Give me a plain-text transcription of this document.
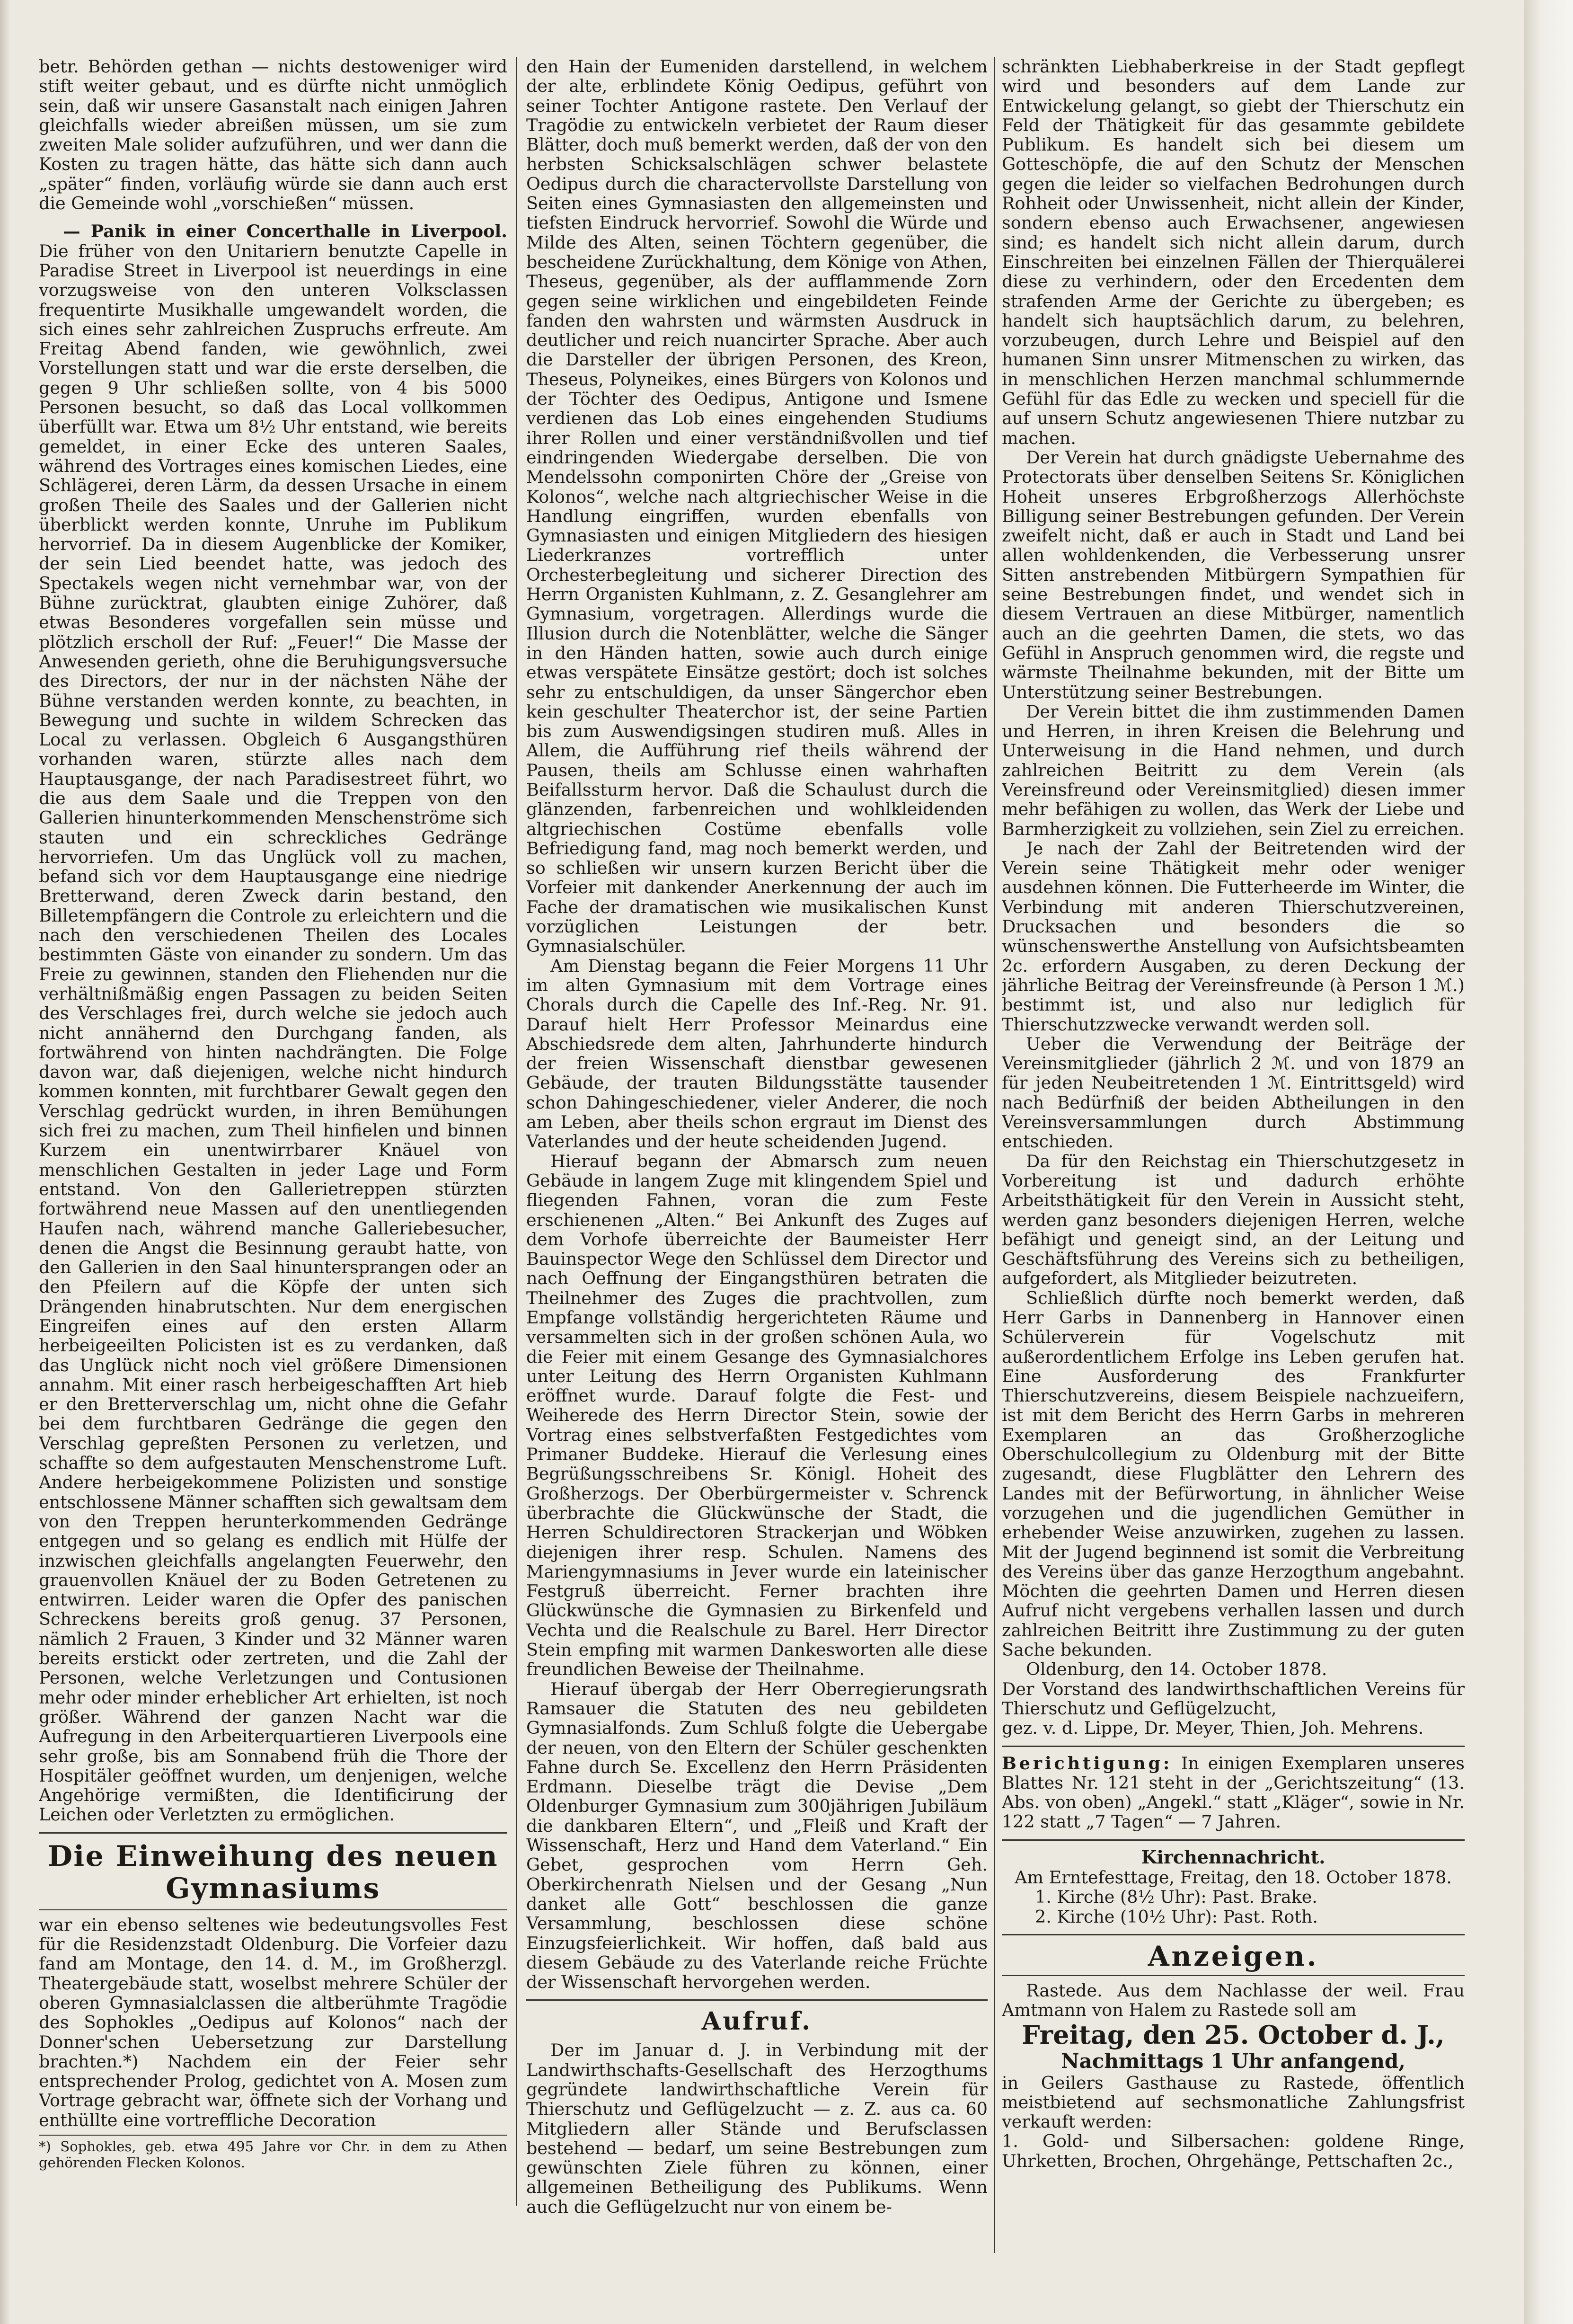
betr. Behörden gethan — nichts destoweniger wird stift weiter gebaut, und es dürfte nicht unmöglich sein, daß wir unsere Gasanstalt nach einigen Jahren gleichfalls wieder abreißen müssen, um sie zum zweiten Male solider aufzuführen, und wer dann die Kosten zu tragen hätte, das hätte sich dann auch „später“ finden, vorläufig würde sie dann auch erst die Gemeinde wohl „vorschießen“ müssen.

— Panik in einer Concerthalle in Liverpool. Die früher von den Unitariern benutzte Capelle in Paradise Street in Liverpool ist neuerdings in eine vorzugsweise von den unteren Volksclassen frequentirte Musikhalle umgewandelt worden, die sich eines sehr zahlreichen Zuspruchs erfreute. Am Freitag Abend fanden, wie gewöhnlich, zwei Vorstellungen statt und war die erste derselben, die gegen 9 Uhr schließen sollte, von 4 bis 5000 Personen besucht, so daß das Local vollkommen überfüllt war. Etwa um 8½ Uhr entstand, wie bereits gemeldet, in einer Ecke des unteren Saales, während des Vortrages eines komischen Liedes, eine Schlägerei, deren Lärm, da dessen Ursache in einem großen Theile des Saales und der Gallerien nicht überblickt werden konnte, Unruhe im Publikum hervorrief. Da in diesem Augenblicke der Komiker, der sein Lied beendet hatte, was jedoch des Spectakels wegen nicht vernehmbar war, von der Bühne zurücktrat, glaubten einige Zuhörer, daß etwas Besonderes vorgefallen sein müsse und plötzlich erscholl der Ruf: „Feuer!“ Die Masse der Anwesenden gerieth, ohne die Beruhigungsversuche des Directors, der nur in der nächsten Nähe der Bühne verstanden werden konnte, zu beachten, in Bewegung und suchte in wildem Schrecken das Local zu verlassen. Obgleich 6 Ausgangsthüren vorhanden waren, stürzte alles nach dem Hauptausgange, der nach Paradisestreet führt, wo die aus dem Saale und die Treppen von den Gallerien hinunterkommenden Menschenströme sich stauten und ein schreckliches Gedränge hervorriefen. Um das Unglück voll zu machen, befand sich vor dem Hauptausgange eine niedrige Bretterwand, deren Zweck darin bestand, den Billetempfängern die Controle zu erleichtern und die nach den verschiedenen Theilen des Locales bestimmten Gäste von einander zu sondern. Um das Freie zu gewinnen, standen den Fliehenden nur die verhältnißmäßig engen Passagen zu beiden Seiten des Verschlages frei, durch welche sie jedoch auch nicht annähernd den Durchgang fanden, als fortwährend von hinten nachdrängten. Die Folge davon war, daß diejenigen, welche nicht hindurch kommen konnten, mit furchtbarer Gewalt gegen den Verschlag gedrückt wurden, in ihren Bemühungen sich frei zu machen, zum Theil hinfielen und binnen Kurzem ein unentwirrbarer Knäuel von menschlichen Gestalten in jeder Lage und Form entstand. Von den Gallerietreppen stürzten fortwährend neue Massen auf den unentliegenden Haufen nach, während manche Galleriebesucher, denen die Angst die Besinnung geraubt hatte, von den Gallerien in den Saal hinuntersprangen oder an den Pfeilern auf die Köpfe der unten sich Drängenden hinabrutschten. Nur dem energischen Eingreifen eines auf den ersten Allarm herbeigeeilten Policisten ist es zu verdanken, daß das Unglück nicht noch viel größere Dimensionen annahm. Mit einer rasch herbeigeschafften Art hieb er den Bretterverschlag um, nicht ohne die Gefahr bei dem furchtbaren Gedränge die gegen den Verschlag gepreßten Personen zu verletzen, und schaffte so dem aufgestauten Menschenstrome Luft. Andere herbeigekommene Polizisten und sonstige entschlossene Männer schafften sich gewaltsam dem von den Treppen herunterkommenden Gedränge entgegen und so gelang es endlich mit Hülfe der inzwischen gleichfalls angelangten Feuerwehr, den grauenvollen Knäuel der zu Boden Getretenen zu entwirren. Leider waren die Opfer des panischen Schreckens bereits groß genug. 37 Personen, nämlich 2 Frauen, 3 Kinder und 32 Männer waren bereits erstickt oder zertreten, und die Zahl der Personen, welche Verletzungen und Contusionen mehr oder minder erheblicher Art erhielten, ist noch größer. Während der ganzen Nacht war die Aufregung in den Arbeiterquartieren Liverpools eine sehr große, bis am Sonnabend früh die Thore der Hospitäler geöffnet wurden, um denjenigen, welche Angehörige vermißten, die Identificirung der Leichen oder Verletzten zu ermöglichen.

Die Einweihung des neuen Gymnasiums

war ein ebenso seltenes wie bedeutungsvolles Fest für die Residenzstadt Oldenburg. Die Vorfeier dazu fand am Montage, den 14. d. M., im Großherzgl. Theatergebäude statt, woselbst mehrere Schüler der oberen Gymnasialclassen die altberühmte Tragödie des Sophokles „Oedipus auf Kolonos“ nach der Donner'schen Uebersetzung zur Darstellung brachten.*) Nachdem ein der Feier sehr entsprechender Prolog, gedichtet von A. Mosen zum Vortrage gebracht war, öffnete sich der Vorhang und enthüllte eine vortreffliche Decoration

*) Sophokles, geb. etwa 495 Jahre vor Chr. in dem zu Athen gehörenden Flecken Kolonos.

den Hain der Eumeniden darstellend, in welchem der alte, erblindete König Oedipus, geführt von seiner Tochter Antigone rastete. Den Verlauf der Tragödie zu entwickeln verbietet der Raum dieser Blätter, doch muß bemerkt werden, daß der von den herbsten Schicksalschlägen schwer belastete Oedipus durch die charactervollste Darstellung von Seiten eines Gymnasiasten den allgemeinsten und tiefsten Eindruck hervorrief. Sowohl die Würde und Milde des Alten, seinen Töchtern gegenüber, die bescheidene Zurückhaltung, dem Könige von Athen, Theseus, gegenüber, als der aufflammende Zorn gegen seine wirklichen und eingebildeten Feinde fanden den wahrsten und wärmsten Ausdruck in deutlicher und reich nuancirter Sprache. Aber auch die Darsteller der übrigen Personen, des Kreon, Theseus, Polyneikes, eines Bürgers von Kolonos und der Töchter des Oedipus, Antigone und Ismene verdienen das Lob eines eingehenden Studiums ihrer Rollen und einer verständnißvollen und tief eindringenden Wiedergabe derselben. Die von Mendelssohn componirten Chöre der „Greise von Kolonos“, welche nach altgriechischer Weise in die Handlung eingriffen, wurden ebenfalls von Gymnasiasten und einigen Mitgliedern des hiesigen Liederkranzes vortrefflich unter Orchesterbegleitung und sicherer Direction des Herrn Organisten Kuhlmann, z. Z. Gesanglehrer am Gymnasium, vorgetragen. Allerdings wurde die Illusion durch die Notenblätter, welche die Sänger in den Händen hatten, sowie auch durch einige etwas verspätete Einsätze gestört; doch ist solches sehr zu entschuldigen, da unser Sängerchor eben kein geschulter Theaterchor ist, der seine Partien bis zum Auswendigsingen studiren muß. Alles in Allem, die Aufführung rief theils während der Pausen, theils am Schlusse einen wahrhaften Beifallssturm hervor. Daß die Schaulust durch die glänzenden, farbenreichen und wohlkleidenden altgriechischen Costüme ebenfalls volle Befriedigung fand, mag noch bemerkt werden, und so schließen wir unsern kurzen Bericht über die Vorfeier mit dankender Anerkennung der auch im Fache der dramatischen wie musikalischen Kunst vorzüglichen Leistungen der betr. Gymnasialschüler.

Am Dienstag begann die Feier Morgens 11 Uhr im alten Gymnasium mit dem Vortrage eines Chorals durch die Capelle des Inf.-Reg. Nr. 91. Darauf hielt Herr Professor Meinardus eine Abschiedsrede dem alten, Jahrhunderte hindurch der freien Wissenschaft dienstbar gewesenen Gebäude, der trauten Bildungsstätte tausender schon Dahingeschiedener, vieler Anderer, die noch am Leben, aber theils schon ergraut im Dienst des Vaterlandes und der heute scheidenden Jugend.

Hierauf begann der Abmarsch zum neuen Gebäude in langem Zuge mit klingendem Spiel und fliegenden Fahnen, voran die zum Feste erschienenen „Alten.“ Bei Ankunft des Zuges auf dem Vorhofe überreichte der Baumeister Herr Bauinspector Wege den Schlüssel dem Director und nach Oeffnung der Eingangsthüren betraten die Theilnehmer des Zuges die prachtvollen, zum Empfange vollständig hergerichteten Räume und versammelten sich in der großen schönen Aula, wo die Feier mit einem Gesange des Gymnasialchores unter Leitung des Herrn Organisten Kuhlmann eröffnet wurde. Darauf folgte die Fest- und Weiherede des Herrn Director Stein, sowie der Vortrag eines selbstverfaßten Festgedichtes vom Primaner Buddeke. Hierauf die Verlesung eines Begrüßungsschreibens Sr. Königl. Hoheit des Großherzogs. Der Oberbürgermeister v. Schrenck überbrachte die Glückwünsche der Stadt, die Herren Schuldirectoren Strackerjan und Wöbken diejenigen ihrer resp. Schulen. Namens des Mariengymnasiums in Jever wurde ein lateinischer Festgruß überreicht. Ferner brachten ihre Glückwünsche die Gymnasien zu Birkenfeld und Vechta und die Realschule zu Barel. Herr Director Stein empfing mit warmen Dankesworten alle diese freundlichen Beweise der Theilnahme.

Hierauf übergab der Herr Oberregierungsrath Ramsauer die Statuten des neu gebildeten Gymnasialfonds. Zum Schluß folgte die Uebergabe der neuen, von den Eltern der Schüler geschenkten Fahne durch Se. Excellenz den Herrn Präsidenten Erdmann. Dieselbe trägt die Devise „Dem Oldenburger Gymnasium zum 300jährigen Jubiläum die dankbaren Eltern“, und „Fleiß und Kraft der Wissenschaft, Herz und Hand dem Vaterland.“ Ein Gebet, gesprochen vom Herrn Geh. Oberkirchenrath Nielsen und der Gesang „Nun danket alle Gott“ beschlossen die ganze Versammlung, beschlossen diese schöne Einzugsfeierlichkeit. Wir hoffen, daß bald aus diesem Gebäude zu des Vaterlande reiche Früchte der Wissenschaft hervorgehen werden.

Aufruf.

Der im Januar d. J. in Verbindung mit der Landwirthschafts-Gesellschaft des Herzogthums gegründete landwirthschaftliche Verein für Thierschutz und Geflügelzucht — z. Z. aus ca. 60 Mitgliedern aller Stände und Berufsclassen bestehend — bedarf, um seine Bestrebungen zum gewünschten Ziele führen zu können, einer allgemeinen Betheiligung des Publikums. Wenn auch die Geflügelzucht nur von einem be-

schränkten Liebhaberkreise in der Stadt gepflegt wird und besonders auf dem Lande zur Entwickelung gelangt, so giebt der Thierschutz ein Feld der Thätigkeit für das gesammte gebildete Publikum. Es handelt sich bei diesem um Gotteschöpfe, die auf den Schutz der Menschen gegen die leider so vielfachen Bedrohungen durch Rohheit oder Unwissenheit, nicht allein der Kinder, sondern ebenso auch Erwachsener, angewiesen sind; es handelt sich nicht allein darum, durch Einschreiten bei einzelnen Fällen der Thierquälerei diese zu verhindern, oder den Ercedenten dem strafenden Arme der Gerichte zu übergeben; es handelt sich hauptsächlich darum, zu belehren, vorzubeugen, durch Lehre und Beispiel auf den humanen Sinn unsrer Mitmenschen zu wirken, das in menschlichen Herzen manchmal schlummernde Gefühl für das Edle zu wecken und speciell für die auf unsern Schutz angewiesenen Thiere nutzbar zu machen.

Der Verein hat durch gnädigste Uebernahme des Protectorats über denselben Seitens Sr. Königlichen Hoheit unseres Erbgroßherzogs Allerhöchste Billigung seiner Bestrebungen gefunden. Der Verein zweifelt nicht, daß er auch in Stadt und Land bei allen wohldenkenden, die Verbesserung unsrer Sitten anstrebenden Mitbürgern Sympathien für seine Bestrebungen findet, und wendet sich in diesem Vertrauen an diese Mitbürger, namentlich auch an die geehrten Damen, die stets, wo das Gefühl in Anspruch genommen wird, die regste und wärmste Theilnahme bekunden, mit der Bitte um Unterstützung seiner Bestrebungen.

Der Verein bittet die ihm zustimmenden Damen und Herren, in ihren Kreisen die Belehrung und Unterweisung in die Hand nehmen, und durch zahlreichen Beitritt zu dem Verein (als Vereinsfreund oder Vereinsmitglied) diesen immer mehr befähigen zu wollen, das Werk der Liebe und Barmherzigkeit zu vollziehen, sein Ziel zu erreichen.

Je nach der Zahl der Beitretenden wird der Verein seine Thätigkeit mehr oder weniger ausdehnen können. Die Futterheerde im Winter, die Verbindung mit anderen Thierschutzvereinen, Drucksachen und besonders die so wünschenswerthe Anstellung von Aufsichtsbeamten 2c. erfordern Ausgaben, zu deren Deckung der jährliche Beitrag der Vereinsfreunde (à Person 1 ℳ.) bestimmt ist, und also nur lediglich für Thierschutzzwecke verwandt werden soll.

Ueber die Verwendung der Beiträge der Vereinsmitglieder (jährlich 2 ℳ. und von 1879 an für jeden Neubeitretenden 1 ℳ. Eintrittsgeld) wird nach Bedürfniß der beiden Abtheilungen in den Vereinsversammlungen durch Abstimmung entschieden.

Da für den Reichstag ein Thierschutzgesetz in Vorbereitung ist und dadurch erhöhte Arbeitsthätigkeit für den Verein in Aussicht steht, werden ganz besonders diejenigen Herren, welche befähigt und geneigt sind, an der Leitung und Geschäftsführung des Vereins sich zu betheiligen, aufgefordert, als Mitglieder beizutreten.

Schließlich dürfte noch bemerkt werden, daß Herr Garbs in Dannenberg in Hannover einen Schülerverein für Vogelschutz mit außerordentlichem Erfolge ins Leben gerufen hat. Eine Ausforderung des Frankfurter Thierschutzvereins, diesem Beispiele nachzueifern, ist mit dem Bericht des Herrn Garbs in mehreren Exemplaren an das Großherzogliche Oberschulcollegium zu Oldenburg mit der Bitte zugesandt, diese Flugblätter den Lehrern des Landes mit der Befürwortung, in ähnlicher Weise vorzugehen und die jugendlichen Gemüther in erhebender Weise anzuwirken, zugehen zu lassen. Mit der Jugend beginnend ist somit die Verbreitung des Vereins über das ganze Herzogthum angebahnt. Möchten die geehrten Damen und Herren diesen Aufruf nicht vergebens verhallen lassen und durch zahlreichen Beitritt ihre Zustimmung zu der guten Sache bekunden.

Oldenburg, den 14. October 1878.

Der Vorstand des landwirthschaftlichen Vereins für Thierschutz und Geflügelzucht,

gez. v. d. Lippe, Dr. Meyer, Thien, Joh. Mehrens.

Berichtigung: In einigen Exemplaren unseres Blattes Nr. 121 steht in der „Gerichtszeitung“ (13. Abs. von oben) „Angekl.“ statt „Kläger“, sowie in Nr. 122 statt „7 Tagen“ — 7 Jahren.

Kirchennachricht.

Am Erntefesttage, Freitag, den 18. October 1878.

1. Kirche (8½ Uhr): Past. Brake.

2. Kirche (10½ Uhr): Past. Roth.

Anzeigen.

Rastede. Aus dem Nachlasse der weil. Frau Amtmann von Halem zu Rastede soll am

Freitag, den 25. October d. J.,

Nachmittags 1 Uhr anfangend,

in Geilers Gasthause zu Rastede, öffentlich meistbietend auf sechsmonatliche Zahlungsfrist verkauft werden:

1. Gold- und Silbersachen: goldene Ringe, Uhrketten, Brochen, Ohrgehänge, Pettschaften 2c.,
